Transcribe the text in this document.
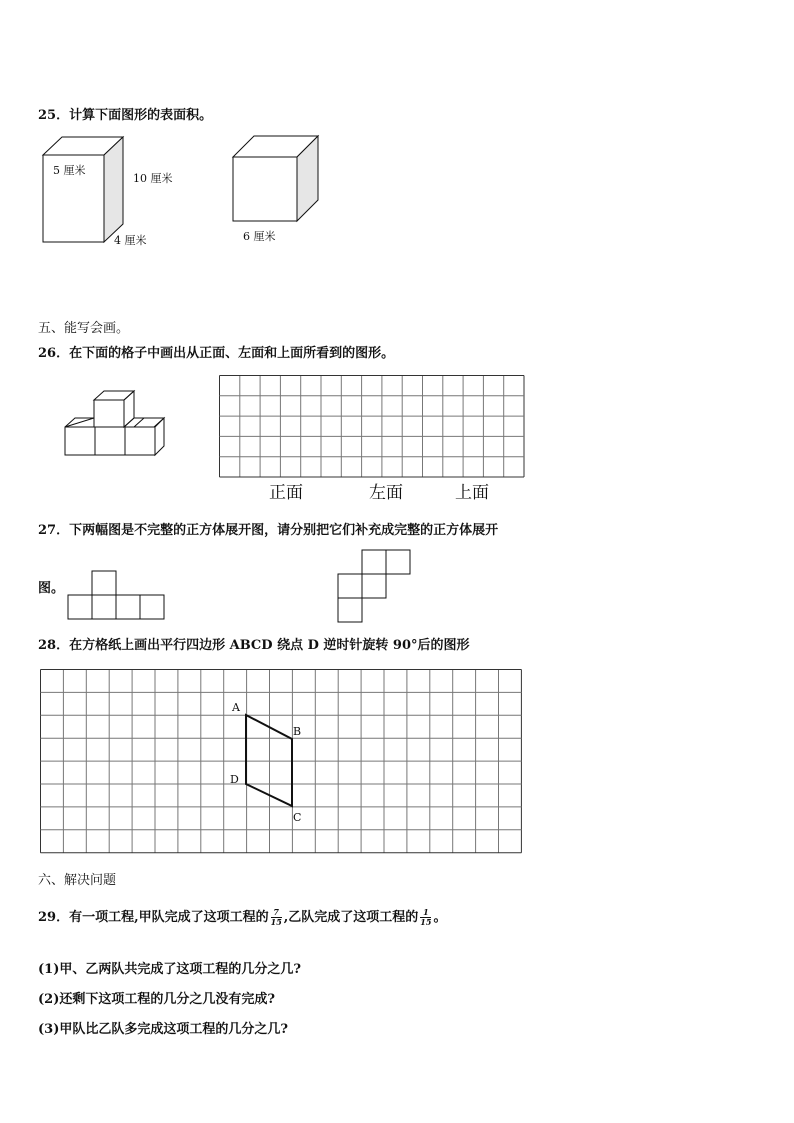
25．计算下面图形的表面积。
5 厘米
10 厘米
4 厘米	6 厘米
五、能写会画。
26．在下面的格子中画出从正面、左面和上面所看到的图形。
正面	左面	上面
27．下两幅图是不完整的正方体展开图，请分别把它们补充成完整的正方体展开
图。
28．在方格纸上画出平行四边形 ABCD 绕点 D 逆时针旋转 90°后的图形
A
B
C
D
六、解决问题
29．有一项工程,甲队完成了这项工程的 $\frac{7}{15}$ ,乙队完成了这项工程的 $\frac{1}{15}$ 。
(1)甲、乙两队共完成了这项工程的几分之几?
(2)还剩下这项工程的几分之几没有完成?
(3)甲队比乙队多完成这项工程的几分之几?
